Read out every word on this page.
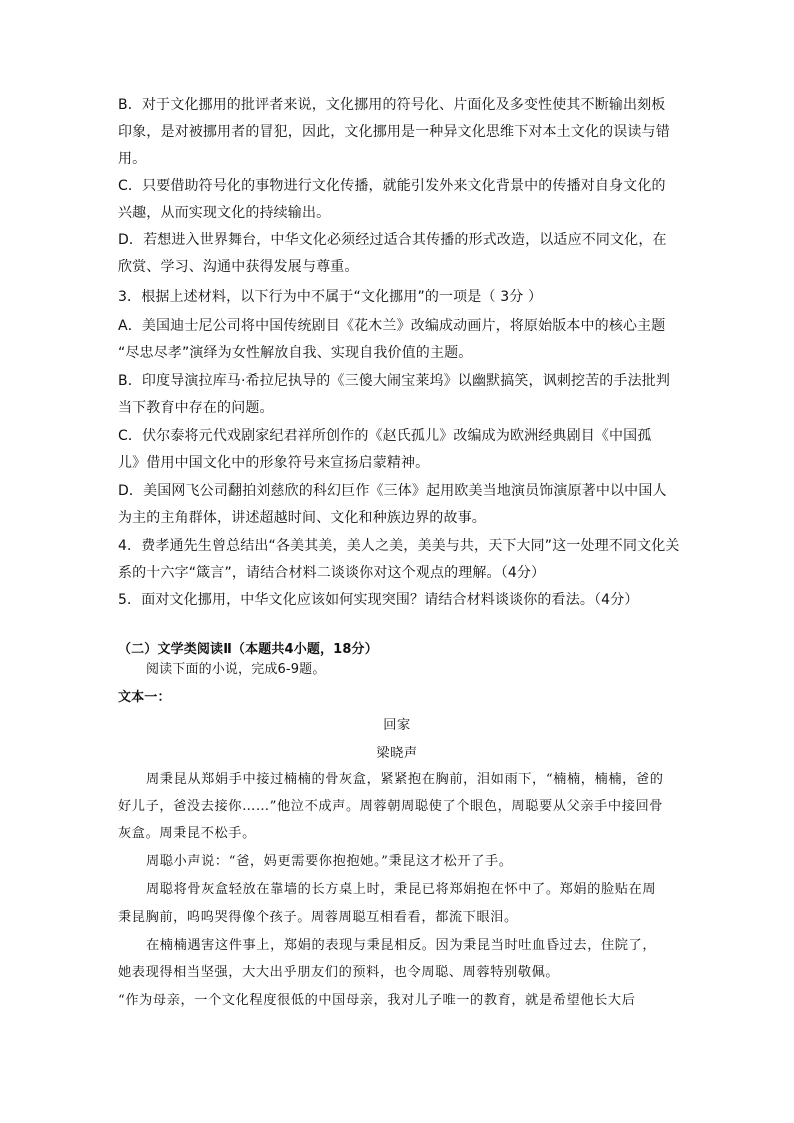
B．对于文化挪用的批评者来说，文化挪用的符号化、片面化及多变性使其不断输出刻板
印象，是对被挪用者的冒犯，因此，文化挪用是一种异文化思维下对本土文化的误读与错
用。
C．只要借助符号化的事物进行文化传播，就能引发外来文化背景中的传播对自身文化的
兴趣，从而实现文化的持续输出。
D．若想进入世界舞台，中华文化必须经过适合其传播的形式改造，以适应不同文化，在
欣赏、学习、沟通中获得发展与尊重。
3．根据上述材料，以下行为中不属于“文化挪用”的一项是（ 3分 ）
A．美国迪士尼公司将中国传统剧目《花木兰》改编成动画片，将原始版本中的核心主题
“尽忠尽孝”演绎为女性解放自我、实现自我价值的主题。
B．印度导演拉库马·希拉尼执导的《三傻大闹宝莱坞》以幽默搞笑，讽刺挖苦的手法批判
当下教育中存在的问题。
C．伏尔泰将元代戏剧家纪君祥所创作的《赵氏孤儿》改编成为欧洲经典剧目《中国孤
儿》借用中国文化中的形象符号来宣扬启蒙精神。
D．美国网飞公司翻拍刘慈欣的科幻巨作《三体》起用欧美当地演员饰演原著中以中国人
为主的主角群体，讲述超越时间、文化和种族边界的故事。
4．费孝通先生曾总结出“各美其美，美人之美，美美与共，天下大同”这一处理不同文化关
系的十六字“箴言”，请结合材料二谈谈你对这个观点的理解。（4分）
5．面对文化挪用，中华文化应该如何实现突围？请结合材料谈谈你的看法。（4分）
（二）文学类阅读Ⅱ（本题共4小题，18分）
阅读下面的小说，完成6-9题。
文本一：
回家
梁晓声
周秉昆从郑娟手中接过楠楠的骨灰盒，紧紧抱在胸前，泪如雨下，“楠楠，楠楠，爸的
好儿子，爸没去接你……”他泣不成声。周蓉朝周聪使了个眼色，周聪要从父亲手中接回骨
灰盒。周秉昆不松手。
周聪小声说：“爸，妈更需要你抱抱她。”秉昆这才松开了手。
周聪将骨灰盒轻放在靠墙的长方桌上时，秉昆已将郑娟抱在怀中了。郑娟的脸贴在周
秉昆胸前，呜呜哭得像个孩子。周蓉周聪互相看看，都流下眼泪。
在楠楠遇害这件事上，郑娟的表现与秉昆相反。因为秉昆当时吐血昏过去，住院了，
她表现得相当坚强，大大出乎朋友们的预料，也令周聪、周蓉特别敬佩。
“作为母亲，一个文化程度很低的中国母亲，我对儿子唯一的教育，就是希望他长大后
